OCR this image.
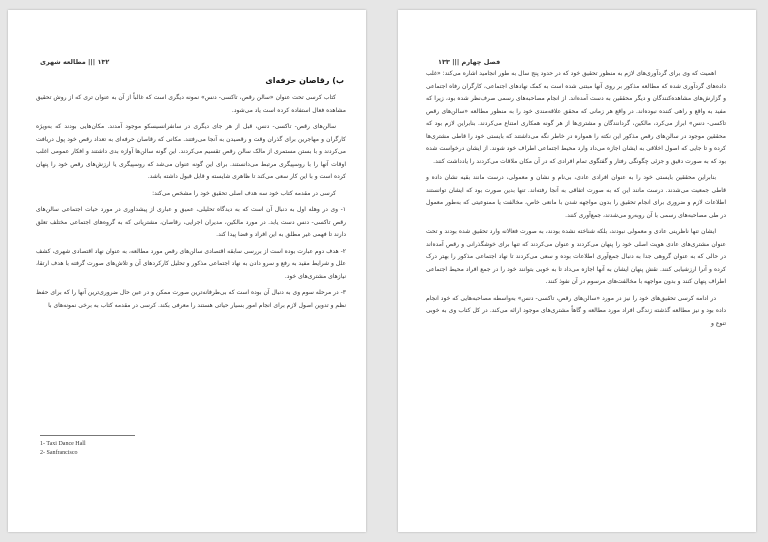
۱۳۲ ||| مطالعه شهری
ب) رقاصان حرفه‌ای

کتاب کرسی تحت عنوان «سالن رقص، تاکسی- دنس» نمونه دیگری است که غالباً از آن به عنوان تری که از روش تحقیق مشاهده فعال استفاده کرده است یاد می‌شود.

سالن‌های رقص- تاکسی- دنس، قبل از هر جای دیگری در سانفرانسیسکو موجود آمدند. مکان‌هایی بودند که به‌ویژه کارگران و مهاجرین برای گذران وقت و رقصیدن به آنجا می‌رفتند. مکانی که رقاصان حرفه‌ای به تعداد رقص خود پول دریافت می‌کردند و با بستن مستمری از مالک سالن رقص تقسیم می‌کردند. این گونه سالن‌ها آوازه بدی داشتند و افکار عمومی اغلب اوقات آنها را با روسپیگری مرتبط می‌دانستند. برای این گونه عنوان می‌شد که روسپیگری یا ارزش‌های رقص خود را پنهان کرده است و با این کار سعی می‌کند تا ظاهری شایسته و قابل قبول داشته باشد.

کرسی در مقدمه کتاب خود سه هدف اصلی تحقیق خود را مشخص می‌کند:

۱- وی در وهله اول به دنبال آن است که به دیدگاه تحلیلی، عمیق و عباری از پیشداوری در مورد حیات اجتماعی سالن‌های رقص تاکسی- دنس دست یابد. در مورد مالکین، مدیران اجرایی، رقاصان، مشتریانی که به گروه‌های اجتماعی مختلف تعلق دارند تا فهمی غیر مطلق به این افراد و فضا پیدا کند.

۲- هدف دوم عبارت بوده است از بررسی سابقه اقتصادی سالن‌های رقص مورد مطالعه، به عنوان نهاد اقتصادی شهری، کشف علل و شرایط مفید به رفع و سرو دادن به نهاد اجتماعی مذکور و تحلیل کارکردهای آن و تلاش‌های صورت گرفته با هدف ارتقا، نیازهای مشتری‌های خود.

۳- در مرحله سوم وی به دنبال آن بوده است که بی‌طرفانه‌ترین صورت ممکن و در عین حال ضروری‌ترین آنها را که برای حفظ نظم و تدوین اصول لازم برای انجام امور بسیار حیاتی هستند را معرفی بکند. کرسی در مقدمه کتاب به برخی نمونه‌های با

1- Taxi Dance Hall
2- Sanfrancisco
فصل چهارم ||| ۱۳۳

اهمیت که وی برای گردآوری‌های لازم به منظور تحقیق خود که در حدود پنج سال به طور انجامید اشاره می‌کند: «غلب داده‌های گردآوری شده که مطالعه مذکور بر روی آنها مبتنی شده است به کمک نهادهای اجتماعی، کارگران رفاه اجتماعی و گزارش‌های مشاهده‌کنندگان و دیگر محققین به دست آمده‌اند. از انجام مصاحبه‌های رسمی صرف‌نظر شده بود، زیرا که مفید به واقع و راهی کننده نبوده‌اند. در واقع هر زمانی که محقق علاقه‌مندی خود را به منظور مطالعه «سالن‌های رقص تاکسی- دنس» ابراز می‌کرد، مالکین، گردانندگان و مشتری‌ها از هر گونه همکاری امتناع می‌کردند. بنابراین لازم بود که محققین موجود در سالن‌های رقص مذکور این نکته را همواره در خاطر نگه می‌داشتند که بایستی خود را قاطی مشتری‌ها کرده و تا جایی که اصول اخلاقی به ایشان اجازه می‌داد وارد محیط اجتماعی اطراف خود شوند. از ایشان درخواست شده بود که به صورت دقیق و جزئی چگونگی رفتار و گفتگوی تمام افرادی که در آن مکان ملاقات می‌کردند را یادداشت کنند.

بنابراین محققین بایستی خود را به عنوان افرادی عادی، بی‌نام و نشان و معمولی، درست مانند بقیه نشان داده و قاطی جمعیت می‌شدند. درست مانند این که به صورت اتفاقی به آنجا رفته‌اند. تنها بدین صورت بود که ایشان توانستند اطلاعات لازم و ضروری برای انجام تحقیق را بدون مواجهه شدن با مانعی خاص، مخالفت یا ممنوعیتی که به‌طور معمول در طی مصاحبه‌های رسمی با آن روبه‌رو می‌شدند، جمع‌آوری کنند.

ایشان تنها ناظرینی عادی و معمولی نبودند، بلکه شناخته نشده بودند، به صورت فعالانه وارد تحقیق شده بودند و تحت عنوان مشتری‌های عادی هویت اصلی خود را پنهان می‌کردند و عنوان می‌کردند که تنها برای خوشگذرانی و رقص آمده‌اند در حالی که به عنوان گروهی جدا به دنبال جمع‌آوری اطلاعات بوده و سعی می‌کردند تا نهاد اجتماعی مذکور را بهتر درک کرده و آنرا ارزشیابی کنند. نقش پنهان ایشان به آنها اجازه می‌داد تا به خوبی بتوانند خود را در جمع افراد محیط اجتماعی اطراف پنهان کنند و بدون مواجهه با مخالفت‌های مرسوم در آن نفوذ کنند.

در ادامه کرسی تحقیق‌های خود را نیز در مورد «سالن‌های رقص، تاکسی- دنس» به‌واسطه مصاحبه‌هایی که خود انجام داده بود و نیز مطالعه گذشته زندگی افراد مورد مطالعه و گاهاً مشتری‌های موجود ارائه می‌کند. در کل کتاب وی به خوبی تنوع و
